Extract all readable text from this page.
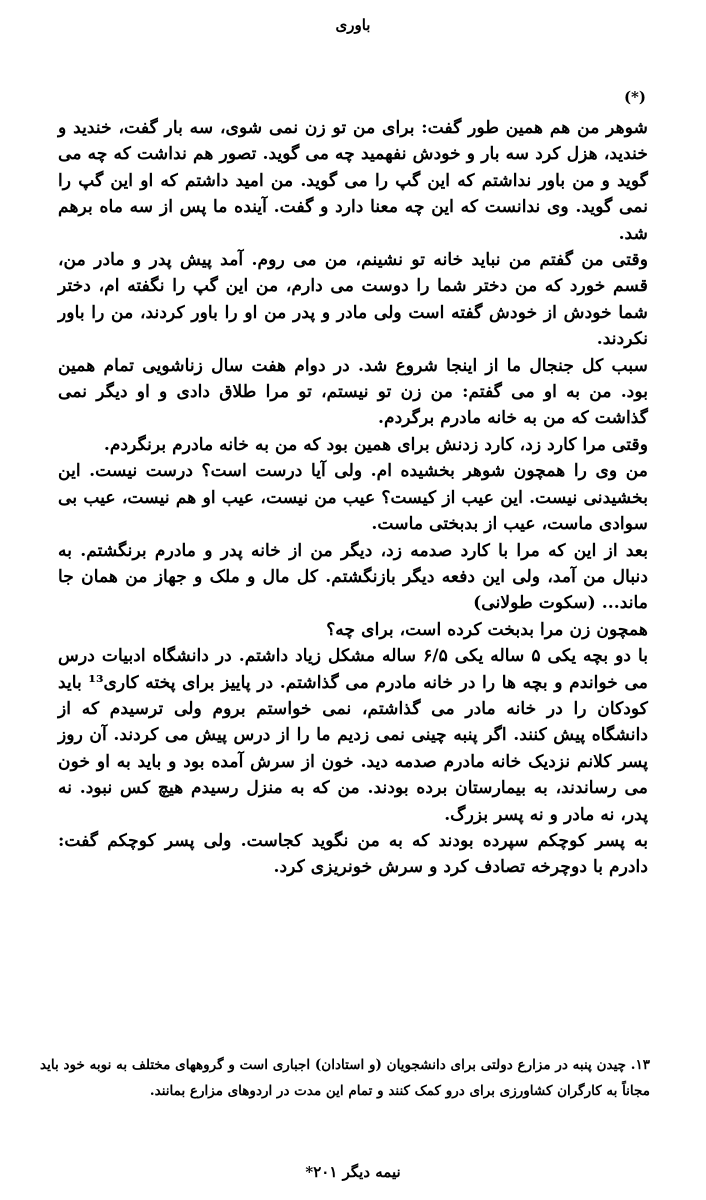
باوری
(*)

شوهر من هم همین طور گفت: برای من تو زن نمی شوی، سه بار گفت، خندید و خندید، هزل کرد سه بار و خودش نفهمید چه می گوید. تصور هم نداشت که چه می گوید و من باور نداشتم که این گپ را می گوید. من امید داشتم که او این گپ را نمی گوید. وی ندانست که این چه معنا دارد و گفت. آینده ما پس از سه ماه برهم شد.

وقتی من گفتم من نباید خانه تو نشینم، من می روم. آمد پیش پدر و مادر من، قسم خورد که من دختر شما را دوست می دارم، من این گپ را نگفته ام، دختر شما خودش از خودش گفته است ولی مادر و پدر من او را باور کردند، من را باور نکردند.

سبب کل جنجال ما از اینجا شروع شد. در دوام هفت سال زناشویی تمام همین بود. من به او می گفتم: من زن تو نیستم، تو مرا طلاق دادی و او دیگر نمی گذاشت که من به خانه مادرم برگردم.

وقتی مرا کارد زد، کارد زدنش برای همین بود که من به خانه مادرم برنگردم.

من وی را همچون شوهر بخشیده ام. ولی آیا درست است؟ درست نیست. این بخشیدنی نیست. این عیب از کیست؟ عیب من نیست، عیب او هم نیست، عیب بی سوادی ماست، عیب از بدبختی ماست.

بعد از این که مرا با کارد صدمه زد، دیگر من از خانه پدر و مادرم برنگشتم. به دنبال من آمد، ولی این دفعه دیگر بازنگشتم. کل مال و ملک و جهاز من همان جا ماند... (سکوت طولانی)

همچون زن مرا بدبخت کرده است، برای چه؟

با دو بچه یکی ۵ ساله یکی ۶/۵ ساله مشکل زیاد داشتم. در دانشگاه ادبیات درس می خواندم و بچه ها را در خانه مادرم می گذاشتم. در پاییز برای پخته کاری¹³ باید کودکان را در خانه مادر می گذاشتم، نمی خواستم بروم ولی ترسیدم که از دانشگاه پیش کنند. اگر پنبه چینی نمی زدیم ما را از درس پیش می کردند. آن روز پسر کلانم نزدیک خانه مادرم صدمه دید. خون از سرش آمده بود و باید به او خون می رساندند، به بیمارستان برده بودند. من که به منزل رسیدم هیچ کس نبود. نه پدر، نه مادر و نه پسر بزرگ.

به پسر کوچکم سپرده بودند که به من نگوید کجاست. ولی پسر کوچکم گفت: دادرم با دوچرخه تصادف کرد و سرش خونریزی کرد.

۱۳. چیدن پنبه در مزارع دولتی برای دانشجویان (و استادان) اجباری است و گروههای مختلف به نوبه خود باید مجاناً به کارگران کشاورزی برای درو کمک کنند و تمام این مدت در اردوهای مزارع بمانند.

نیمه دیگر ۲۰۱*
